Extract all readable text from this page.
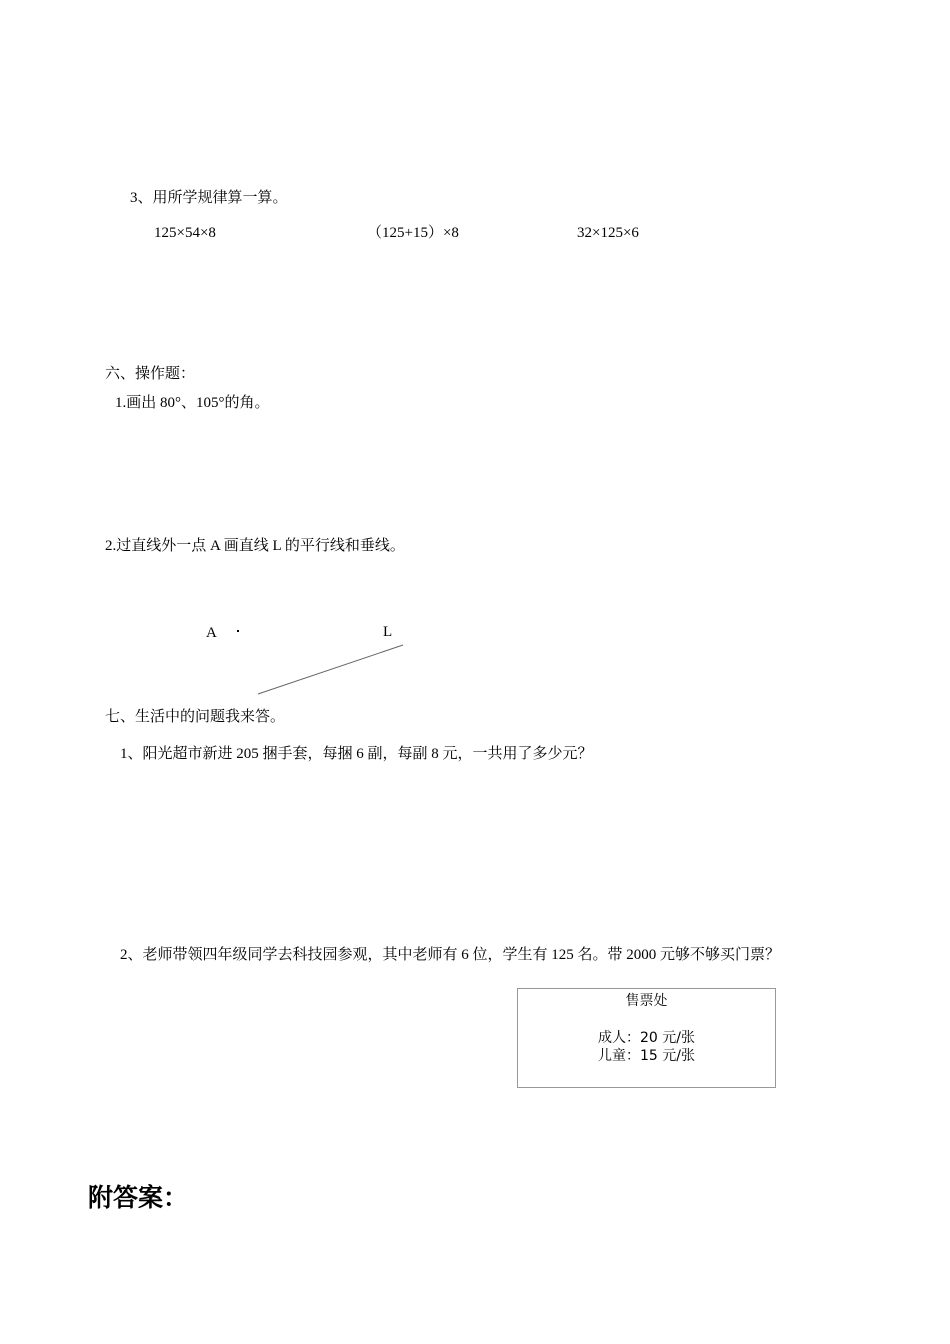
3、用所学规律算一算。
125×54×8	（125+15）×8	32×125×6
六、操作题：
1.画出 80°、105°的角。
2.过直线外一点 A 画直线 L 的平行线和垂线。
A	L
七、生活中的问题我来答。
1、阳光超市新进 205 捆手套，每捆 6 副，每副 8 元，一共用了多少元？
2、老师带领四年级同学去科技园参观，其中老师有 6 位，学生有 125 名。带 2000 元够不够买门票？
售票处
成人：20 元/张
儿童：15 元/张
附答案：
